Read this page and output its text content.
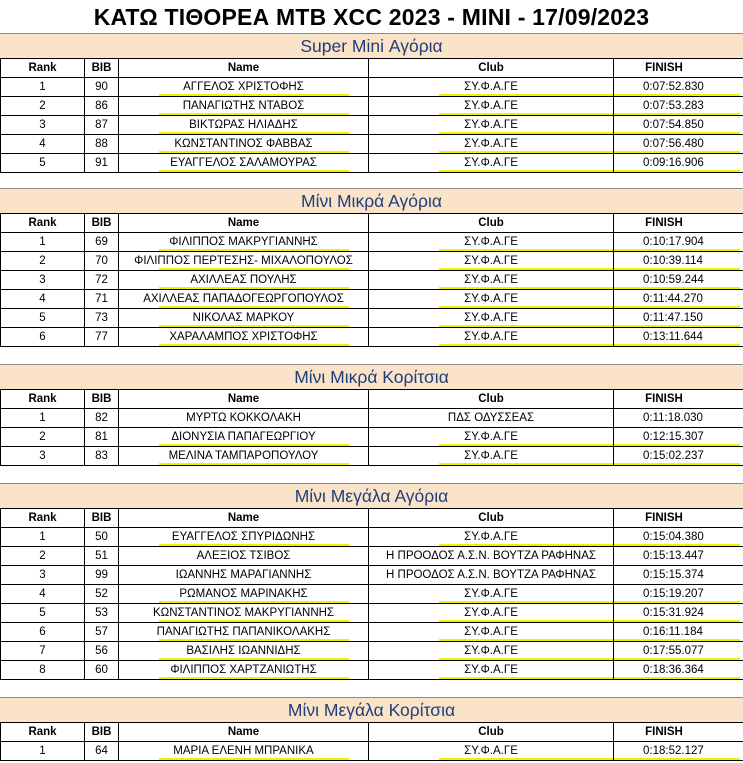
ΚΑΤΩ ΤΙΘΟΡΕΑ ΜΤΒ XCC 2023 - MINI - 17/09/2023
Super Mini Αγόρια
Rank	BIB	Name	Club	FINISH
1	90	ΑΓΓΕΛΟΣ ΧΡΙΣΤΟΦΗΣ	ΣΥ.Φ.Α.ΓΕ	0:07:52.830

2	86	ΠΑΝΑΓΙΩΤΗΣ ΝΤΑΒΟΣ	ΣΥ.Φ.Α.ΓΕ	0:07:53.283

3	87	ΒΙΚΤΩΡΑΣ ΗΛΙΑΔΗΣ	ΣΥ.Φ.Α.ΓΕ	0:07:54.850

4	88	ΚΩΝΣΤΑΝΤΙΝΟΣ ΦΑΒΒΑΣ	ΣΥ.Φ.Α.ΓΕ	0:07:56.480

5	91	ΕΥΑΓΓΕΛΟΣ ΣΑΛΑΜΟΥΡΑΣ	ΣΥ.Φ.Α.ΓΕ	0:09:16.906
Μίνι Μικρά Αγόρια
Rank	BIB	Name	Club	FINISH
1	69	ΦΙΛΙΠΠΟΣ ΜΑΚΡΥΓΙΑΝΝΗΣ	ΣΥ.Φ.Α.ΓΕ	0:10:17.904

2	70	ΦΙΛΙΠΠΟΣ ΠΕΡΤΕΣΗΣ- ΜΙΧΑΛΟΠΟΥΛΟΣ	ΣΥ.Φ.Α.ΓΕ	0:10:39.114

3	72	ΑΧΙΛΛΕΑΣ ΠΟΥΛΗΣ	ΣΥ.Φ.Α.ΓΕ	0:10:59.244

4	71	ΑΧΙΛΛΕΑΣ ΠΑΠΑΔΟΓΕΩΡΓΟΠΟΥΛΟΣ	ΣΥ.Φ.Α.ΓΕ	0:11:44.270

5	73	ΝΙΚΟΛΑΣ ΜΑΡΚΟΥ	ΣΥ.Φ.Α.ΓΕ	0:11:47.150

6	77	ΧΑΡΑΛΑΜΠΟΣ ΧΡΙΣΤΟΦΗΣ	ΣΥ.Φ.Α.ΓΕ	0:13:11.644
Μίνι Μικρά Κορίτσια
Rank	BIB	Name	Club	FINISH
1	82	ΜΥΡΤΩ ΚΟΚΚΟΛΑΚΗ	ΠΔΣ ΟΔΥΣΣΕΑΣ	0:11:18.030
2	81	ΔΙΟΝΥΣΙΑ ΠΑΠΑΓΕΩΡΓΙΟΥ	ΣΥ.Φ.Α.ΓΕ	0:12:15.307

3	83	ΜΕΛΙΝΑ ΤΑΜΠΑΡΟΠΟΥΛΟΥ	ΣΥ.Φ.Α.ΓΕ	0:15:02.237
Μίνι Μεγάλα Αγόρια
Rank	BIB	Name	Club	FINISH
1	50	ΕΥΑΓΓΕΛΟΣ ΣΠΥΡΙΔΩΝΗΣ	ΣΥ.Φ.Α.ΓΕ	0:15:04.380

2	51	ΑΛΕΞΙΟΣ ΤΣΙΒΟΣ	Η ΠΡΟΟΔΟΣ Α.Σ.Ν. ΒΟΥΤΖΑ ΡΑΦΗΝΑΣ	0:15:13.447
3	99	ΙΩΑΝΝΗΣ ΜΑΡΑΓΙΑΝΝΗΣ	Η ΠΡΟΟΔΟΣ Α.Σ.Ν. ΒΟΥΤΖΑ ΡΑΦΗΝΑΣ	0:15:15.374
4	52	ΡΩΜΑΝΟΣ ΜΑΡΙΝΑΚΗΣ	ΣΥ.Φ.Α.ΓΕ	0:15:19.207

5	53	ΚΩΝΣΤΑΝΤΙΝΟΣ ΜΑΚΡΥΓΙΑΝΝΗΣ	ΣΥ.Φ.Α.ΓΕ	0:15:31.924

6	57	ΠΑΝΑΓΙΩΤΗΣ ΠΑΠΑΝΙΚΟΛΑΚΗΣ	ΣΥ.Φ.Α.ΓΕ	0:16:11.184

7	56	ΒΑΣΙΛΗΣ ΙΩΑΝΝΙΔΗΣ	ΣΥ.Φ.Α.ΓΕ	0:17:55.077

8	60	ΦΙΛΙΠΠΟΣ ΧΑΡΤΖΑΝΙΩΤΗΣ	ΣΥ.Φ.Α.ΓΕ	0:18:36.364
Μίνι Μεγάλα Κορίτσια
Rank	BIB	Name	Club	FINISH
1	64	ΜΑΡΙΑ ΕΛΕΝΗ ΜΠΡΑΝΙΚΑ	ΣΥ.Φ.Α.ΓΕ	0:18:52.127
